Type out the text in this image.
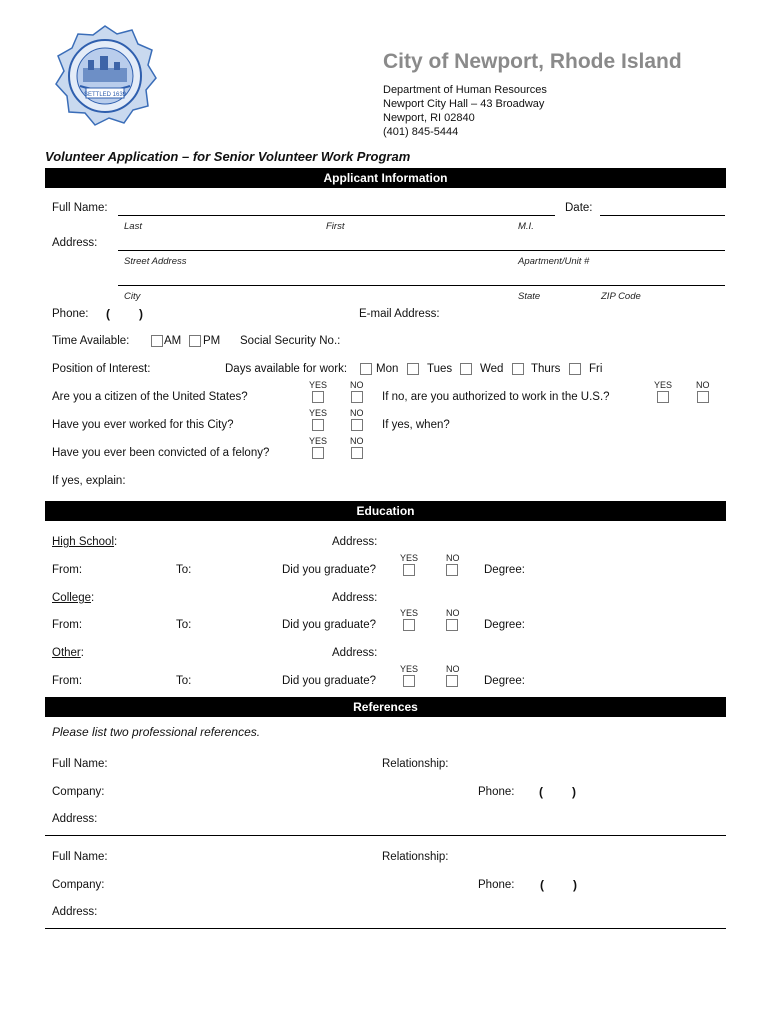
SETTLED 1639
City of Newport, Rhode Island
Department of Human Resources
Newport City Hall – 43 Broadway
Newport, RI 02840
(401) 845-5444
Volunteer Application – for Senior Volunteer Work Program
Applicant Information
Full Name:	Date:
Last	First	M.I.
Address:
Street Address	Apartment/Unit #
City	State	ZIP Code
Phone: ( )	E-mail Address:
Time Available:	AM PM Social Security No.:
Position of Interest:	Days available for work:	Mon Tues Wed Thurs Fri
YES	NO	YES	NO
Are you a citizen of the United States?	If no, are you authorized to work in the U.S.?
YES	NO
Have you ever worked for this City?	If yes, when?
YES	NO
Have you ever been convicted of a felony?
If yes, explain:
Education
High School:	Address:
YES	NO
From:	To:	Did you graduate?	Degree:
College:	Address:
YES	NO
From:	To:	Did you graduate?	Degree:
Other:	Address:
YES	NO
From:	To:	Did you graduate?	Degree:
References
Please list two professional references.
Full Name:	Relationship:
Company:	Phone: ( )
Address:
Full Name:	Relationship:
Company:	Phone: ( )
Address:
